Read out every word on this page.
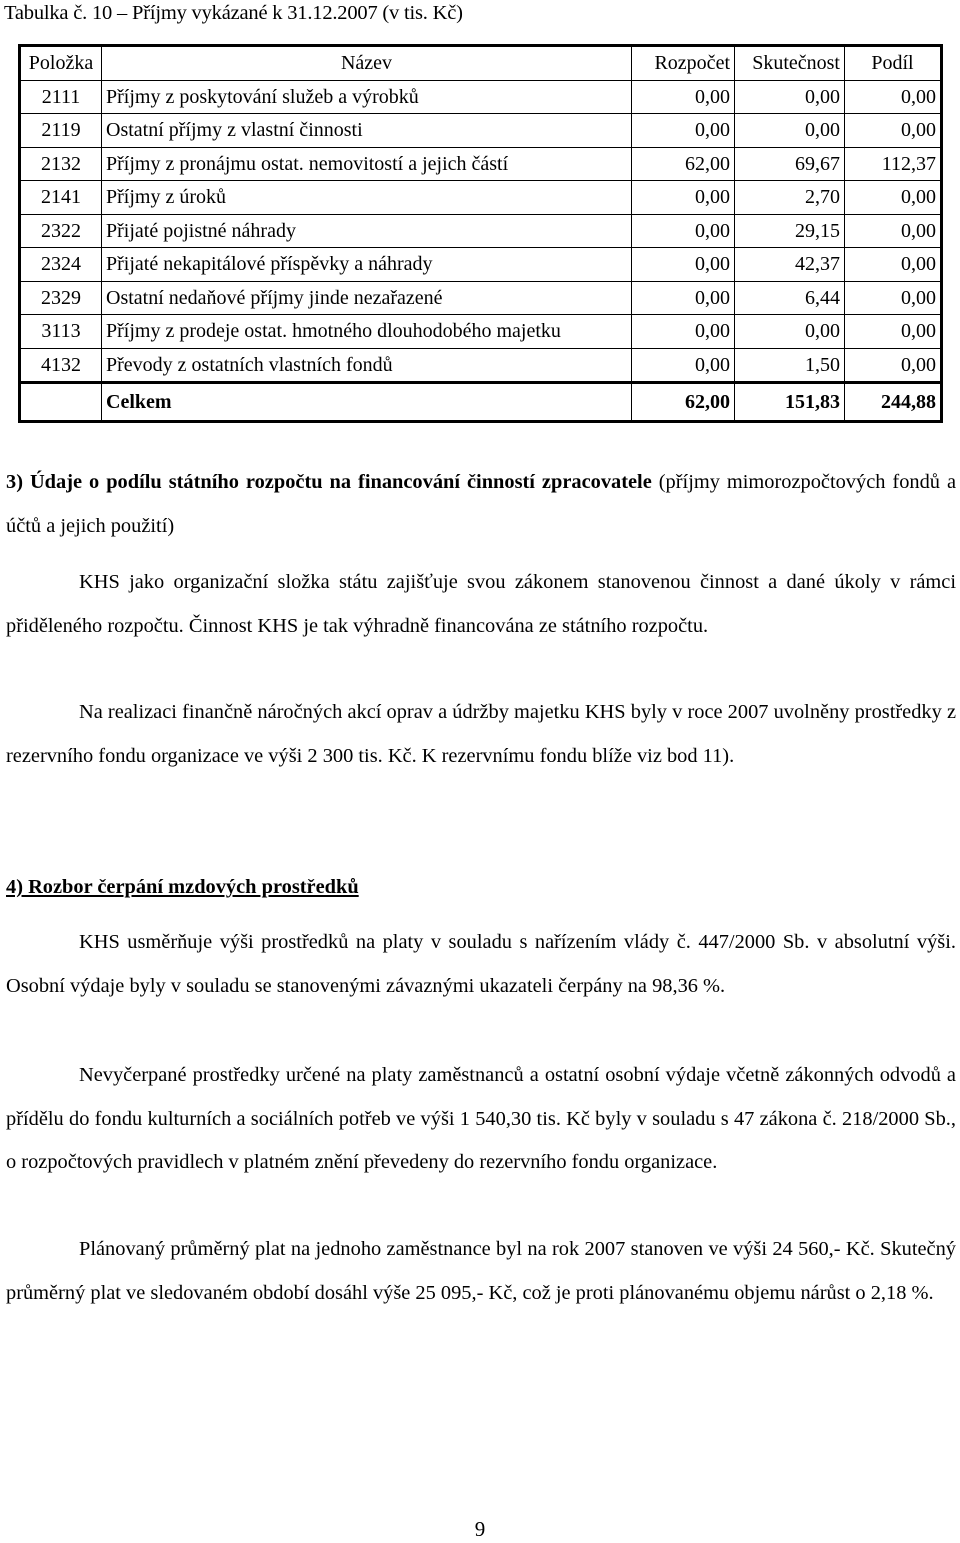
Tabulka č. 10 – Příjmy vykázané k 31.12.2007 (v tis. Kč)
Položka	Název	Rozpočet	Skutečnost	Podíl
2111	Příjmy z poskytování služeb a výrobků	0,00	0,00	0,00
2119	Ostatní příjmy z vlastní činnosti	0,00	0,00	0,00
2132	Příjmy z pronájmu ostat. nemovitostí a jejich částí	62,00	69,67	112,37
2141	Příjmy z úroků	0,00	2,70	0,00
2322	Přijaté pojistné náhrady	0,00	29,15	0,00
2324	Přijaté nekapitálové příspěvky a náhrady	0,00	42,37	0,00
2329	Ostatní nedaňové příjmy jinde nezařazené	0,00	6,44	0,00
3113	Příjmy z prodeje ostat. hmotného dlouhodobého majetku	0,00	0,00	0,00
4132	Převody z ostatních vlastních fondů	0,00	1,50	0,00
	Celkem	62,00	151,83	244,88
3) Údaje o podílu státního rozpočtu na financování činností zpracovatele (příjmy mimorozpočtových fondů a účtů a jejich použití)
KHS jako organizační složka státu zajišťuje svou zákonem stanovenou činnost a dané úkoly v rámci přiděleného rozpočtu. Činnost KHS je tak výhradně financována ze státního rozpočtu.
Na realizaci finančně náročných akcí oprav a údržby majetku KHS byly v roce 2007 uvolněny prostředky z rezervního fondu organizace ve výši 2 300 tis. Kč. K rezervnímu fondu blíže viz bod 11).
4) Rozbor čerpání mzdových prostředků
KHS usměrňuje výši prostředků na platy v souladu s nařízením vlády č. 447/2000 Sb. v absolutní výši. Osobní výdaje byly v souladu se stanovenými závaznými ukazateli čerpány na 98,36 %.
Nevyčerpané prostředky určené na platy zaměstnanců a ostatní osobní výdaje včetně zákonných odvodů a přídělu do fondu kulturních a sociálních potřeb ve výši 1 540,30 tis. Kč byly v souladu s 47 zákona č. 218/2000 Sb., o rozpočtových pravidlech v platném znění převedeny do rezervního fondu organizace.
Plánovaný průměrný plat na jednoho zaměstnance byl na rok 2007 stanoven ve výši 24 560,- Kč. Skutečný průměrný plat ve sledovaném období dosáhl výše 25 095,- Kč, což je proti plánovanému objemu nárůst o 2,18 %.
9
